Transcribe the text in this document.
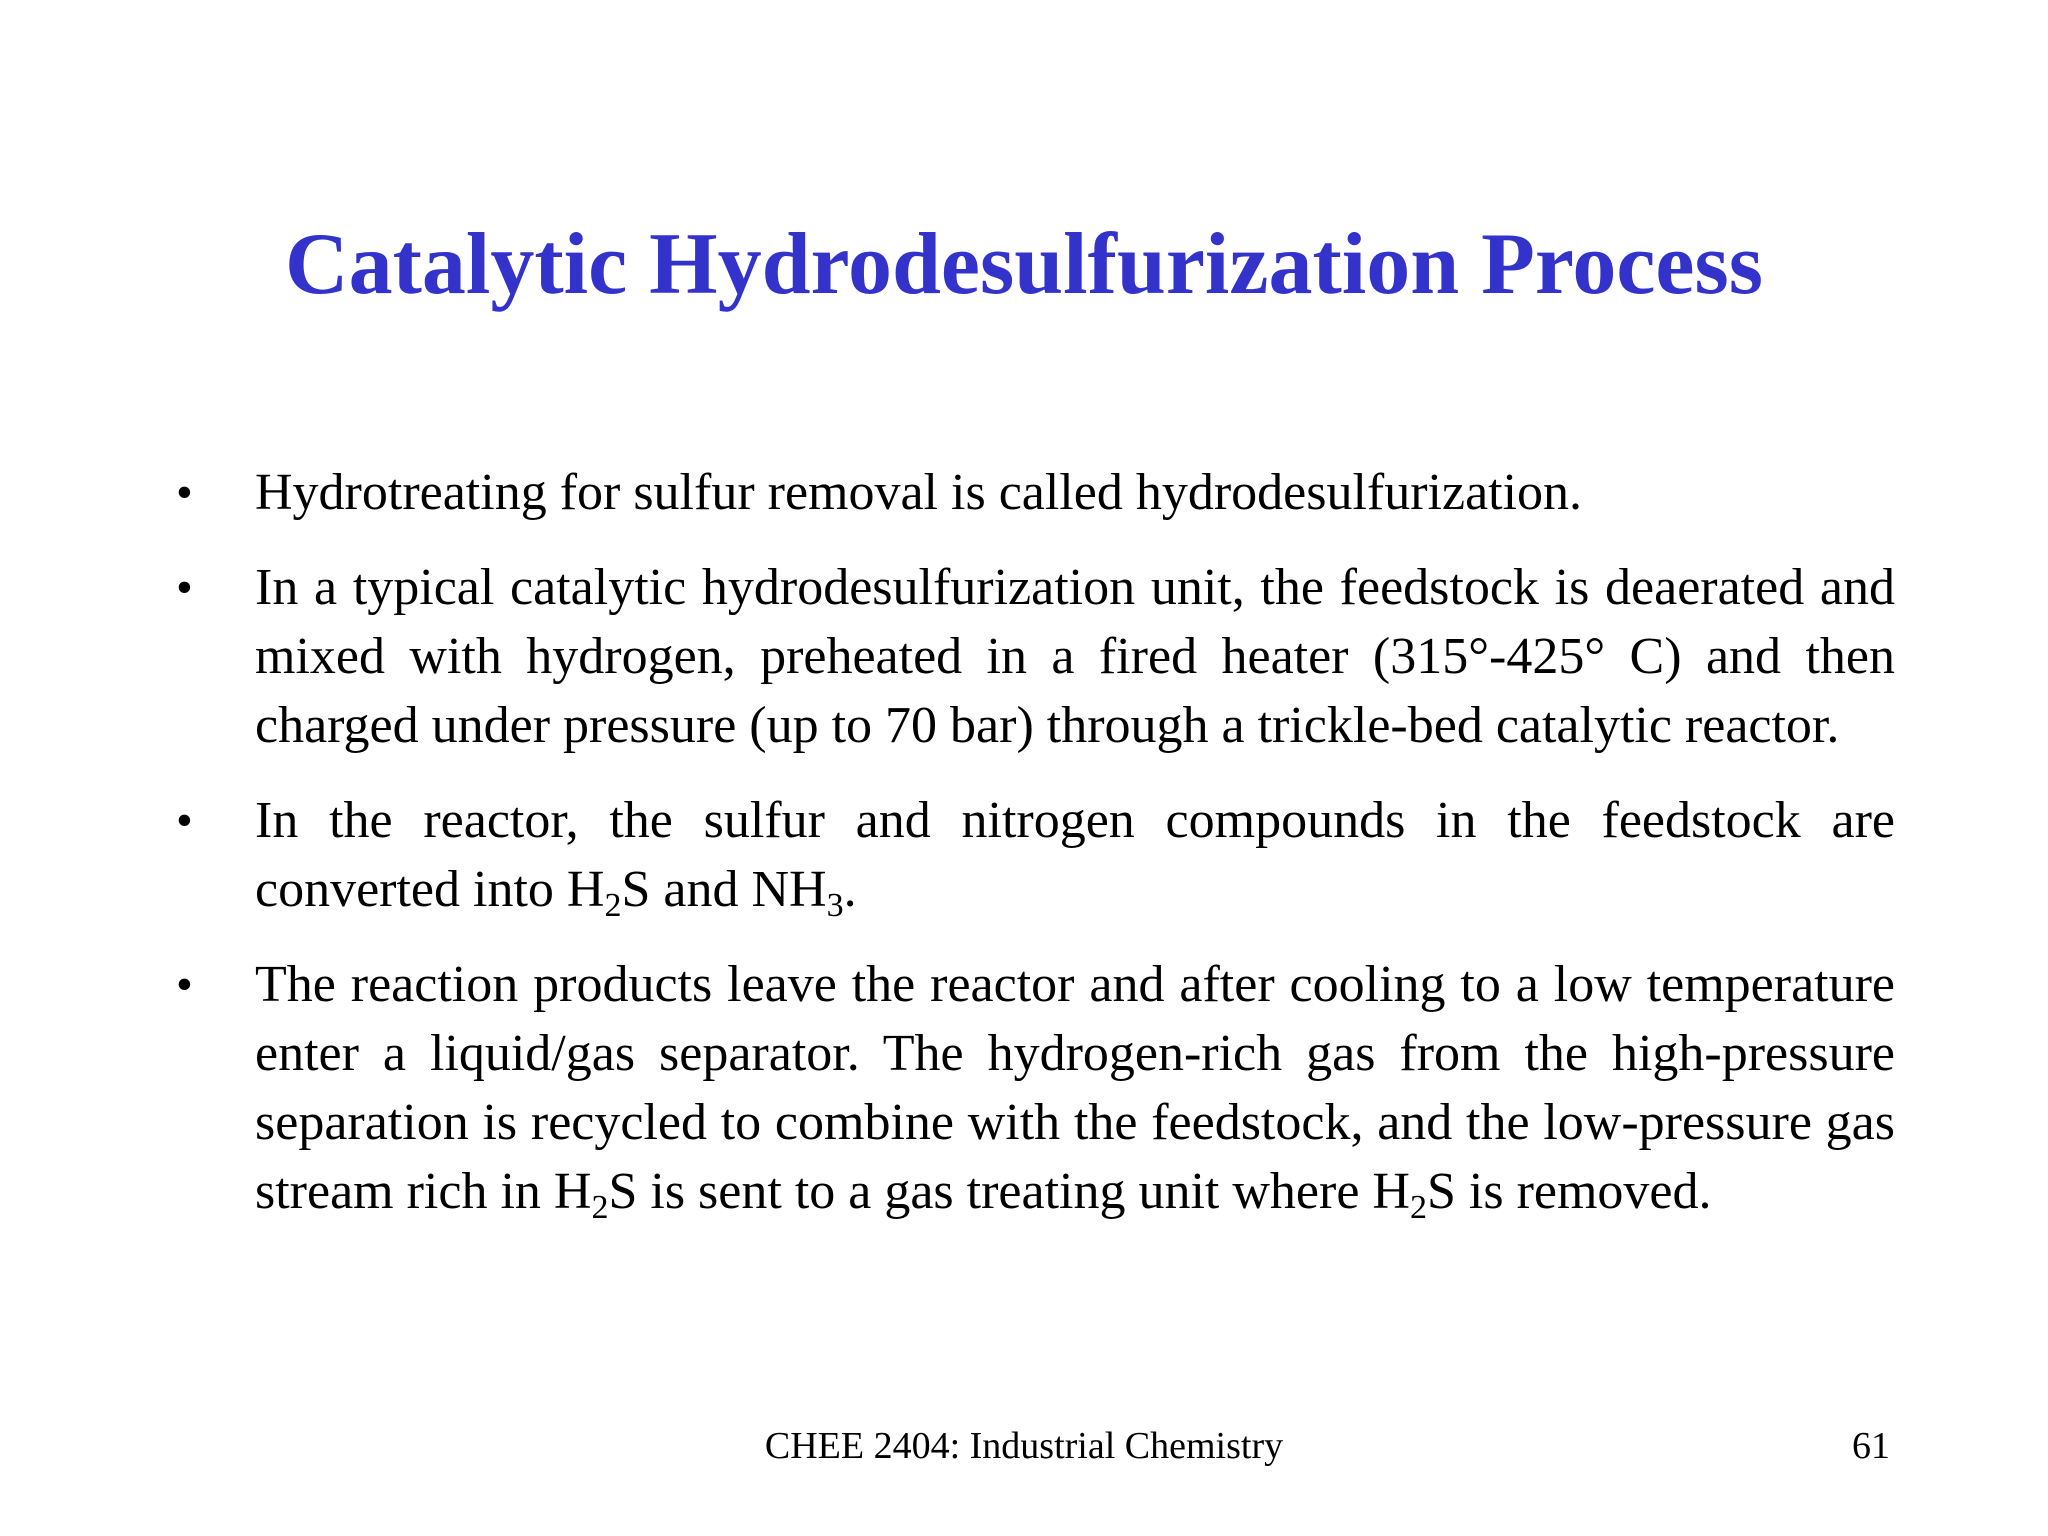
Catalytic Hydrodesulfurization Process
• Hydrotreating for sulfur removal is called hydrodesulfurization.
• In a typical catalytic hydrodesulfurization unit, the feedstock is deaerated and mixed with hydrogen, preheated in a fired heater (315°-425° C) and then charged under pressure (up to 70 bar) through a trickle-bed catalytic reactor.
• In the reactor, the sulfur and nitrogen compounds in the feedstock are converted into $H_2S$ and $NH_3$.
• The reaction products leave the reactor and after cooling to a low temperature enter a liquid/gas separator. The hydrogen-rich gas from the high-pressure separation is recycled to combine with the feedstock, and the low-pressure gas stream rich in $H_2S$ is sent to a gas treating unit where $H_2S$ is removed.
CHEE 2404: Industrial Chemistry	61
